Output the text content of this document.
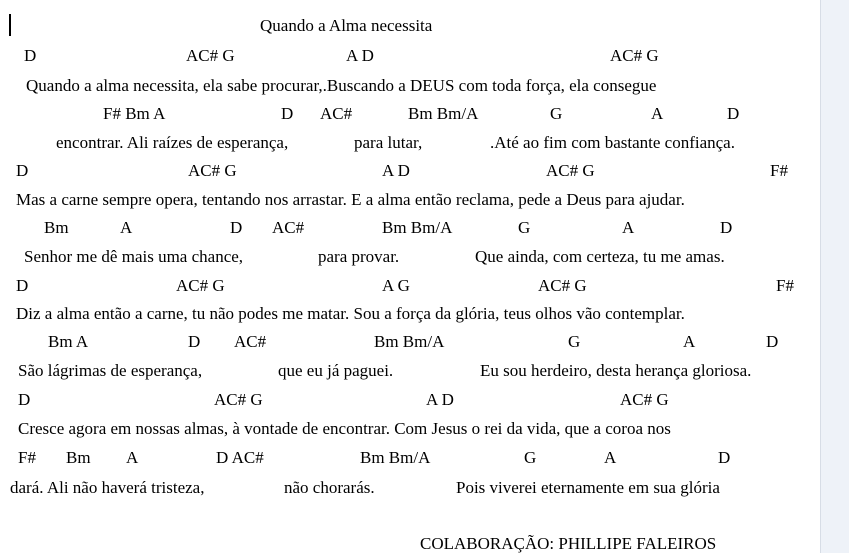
Quando a Alma necessita
D	AC# G	A D	AC# G
Quando a alma necessita, ela sabe procurar,.Buscando a DEUS com toda força, ela consegue
F# Bm A	D AC#	Bm Bm/A	G	A	D
encontrar. Ali raízes de esperança,	para lutar,	.Até ao fim com bastante confiança.
D	AC# G	A D	AC# G	F#
Mas a carne sempre opera, tentando nos arrastar. E a alma então reclama, pede a Deus para ajudar.
Bm	A	D AC#	Bm Bm/A	G	A	D
Senhor me dê mais uma chance,	para provar.	Que ainda, com certeza, tu me amas.
D	AC# G	A G	AC# G	F#
Diz a alma então a carne, tu não podes me matar. Sou a força da glória, teus olhos vão contemplar.
Bm A	D AC#	Bm Bm/A	G	A	D
São lágrimas de esperança,	que eu já paguei.	Eu sou herdeiro, desta herança gloriosa.
D	AC# G	A D	AC# G
Cresce agora em nossas almas, à vontade de encontrar. Com Jesus o rei da vida, que a coroa nos
F# Bm A	D AC#	Bm Bm/A	G	A	D
dará. Ali não haverá tristeza,	não chorarás.	Pois viverei eternamente em sua glória
COLABORAÇÃO: PHILLIPE FALEIROS
